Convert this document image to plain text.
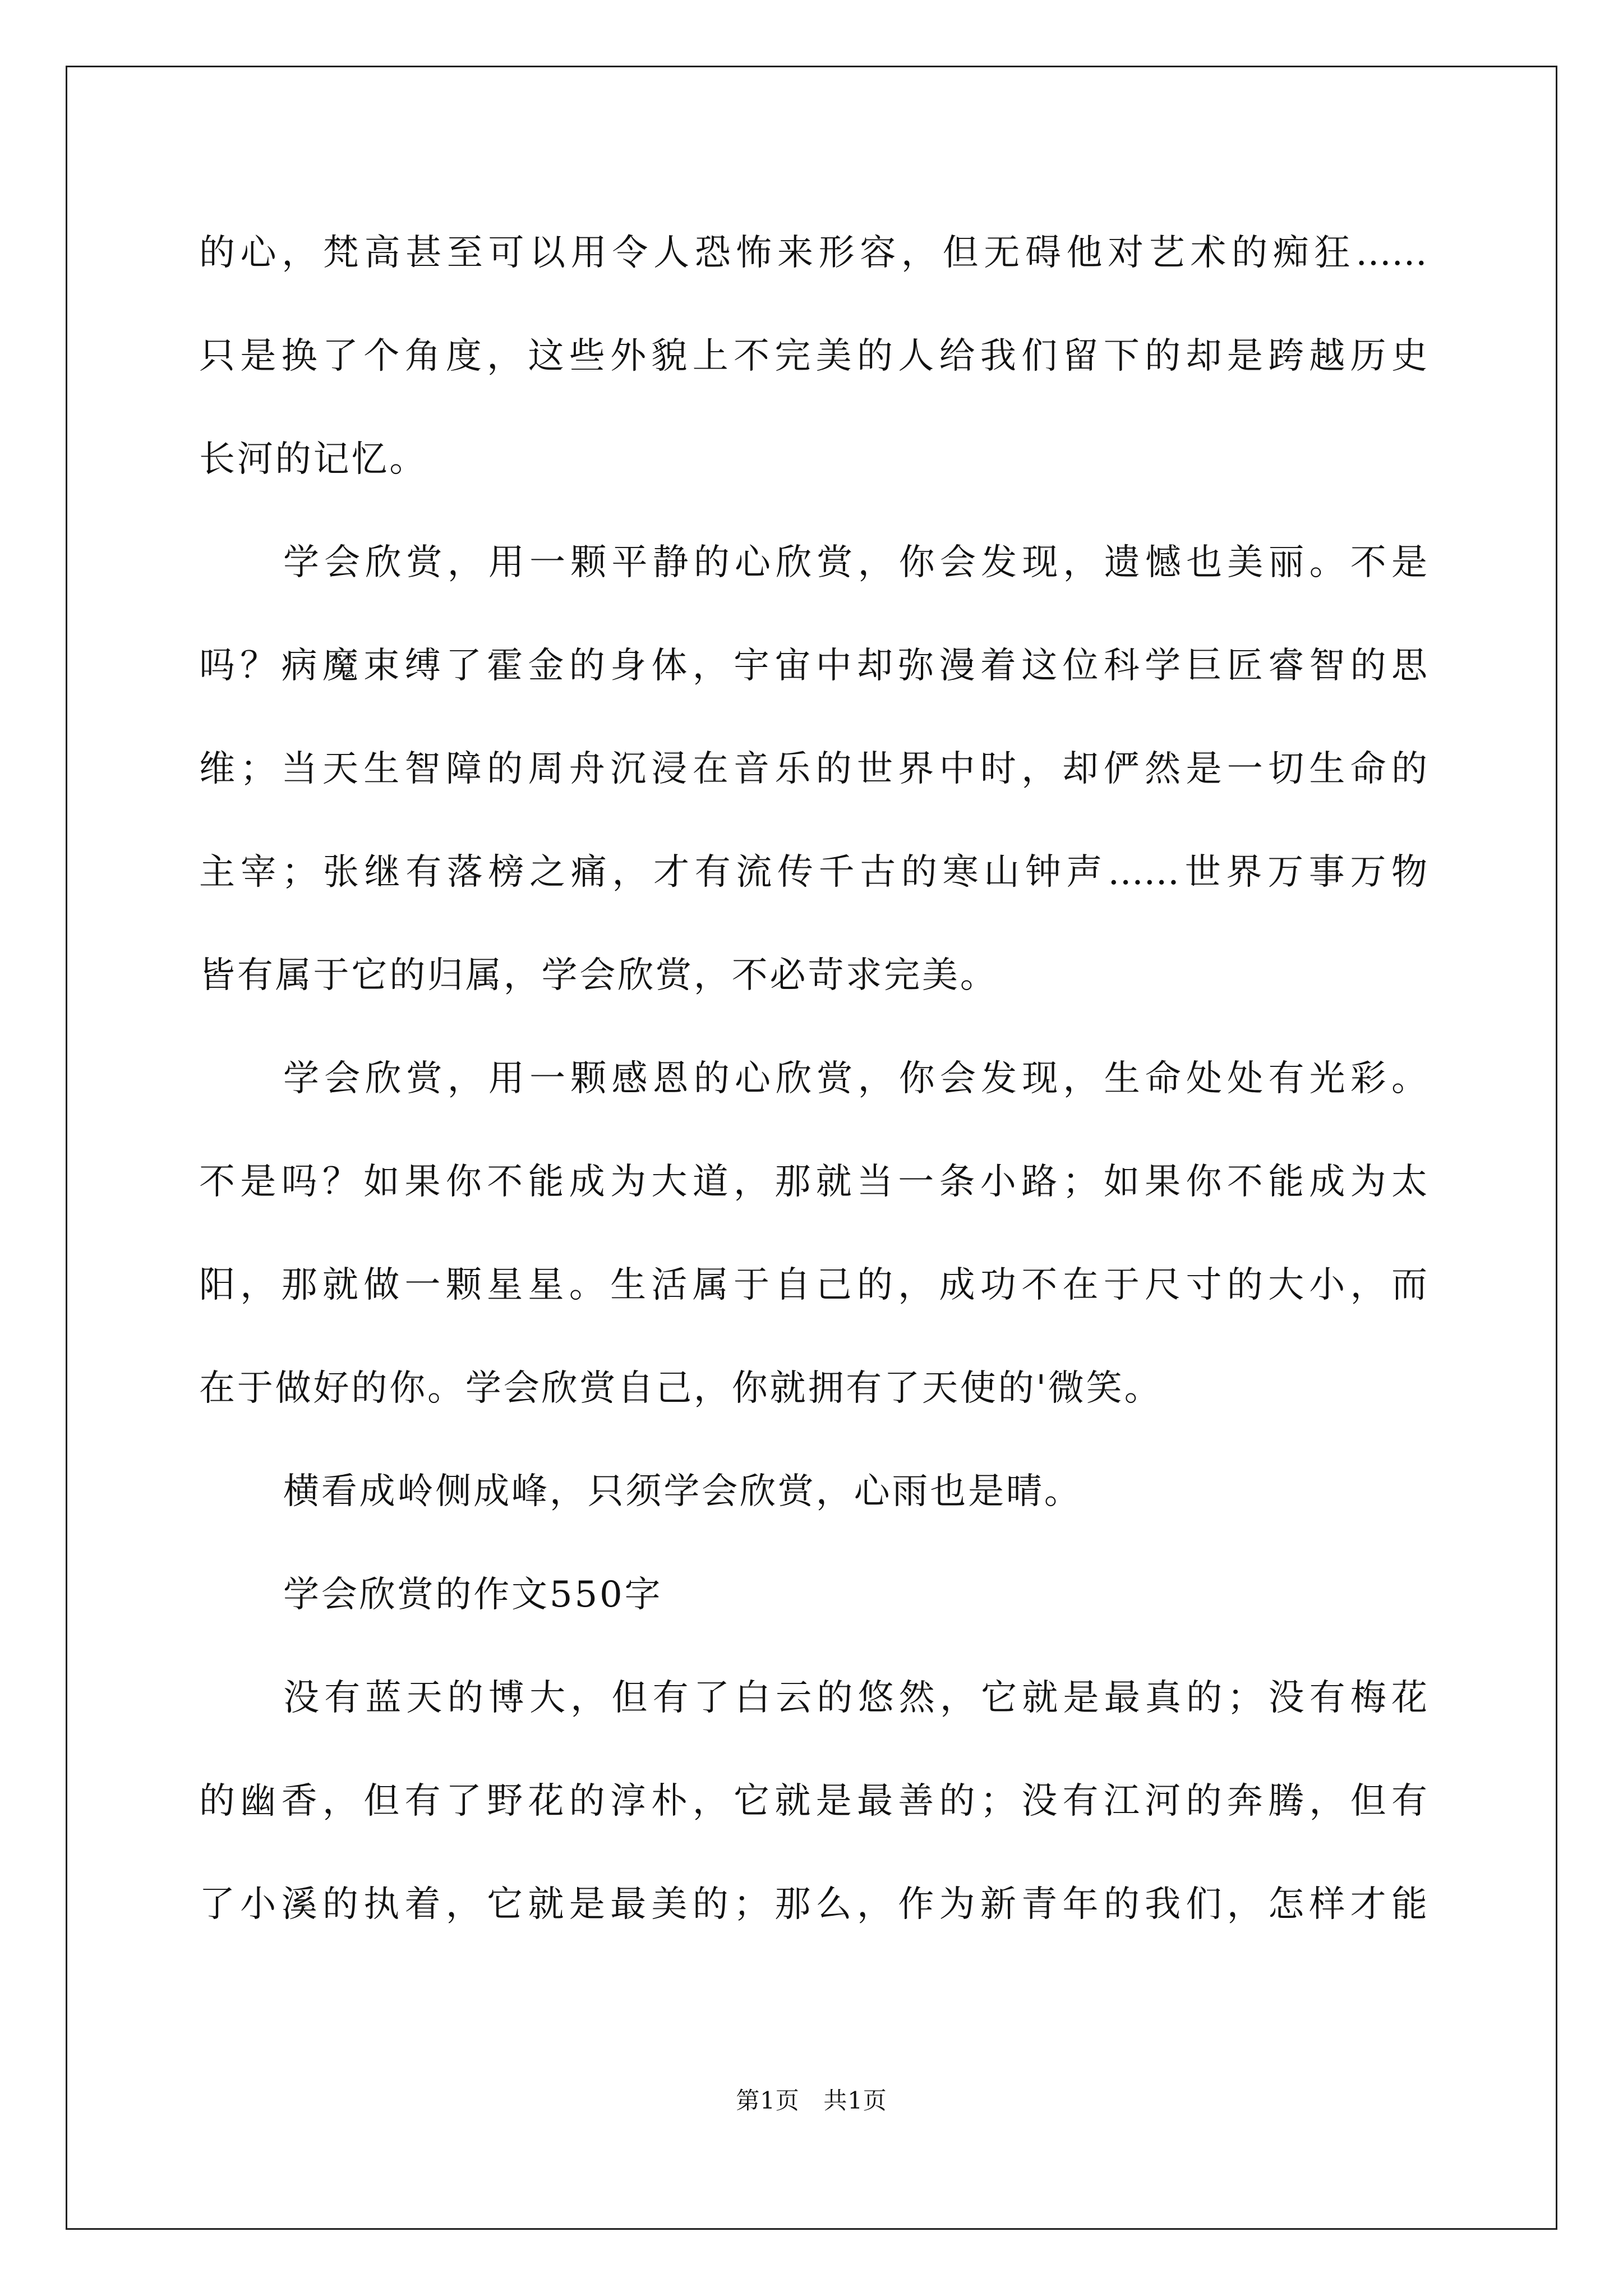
的心，梵高甚至可以用令人恐怖来形容，但无碍他对艺术的痴狂……
只是换了个角度，这些外貌上不完美的人给我们留下的却是跨越历史
长河的记忆。
学会欣赏，用一颗平静的心欣赏，你会发现，遗憾也美丽。不是
吗？病魔束缚了霍金的身体，宇宙中却弥漫着这位科学巨匠睿智的思
维；当天生智障的周舟沉浸在音乐的世界中时，却俨然是一切生命的
主宰；张继有落榜之痛，才有流传千古的寒山钟声……世界万事万物
皆有属于它的归属，学会欣赏，不必苛求完美。
学会欣赏，用一颗感恩的心欣赏，你会发现，生命处处有光彩。
不是吗？如果你不能成为大道，那就当一条小路；如果你不能成为太
阳，那就做一颗星星。生活属于自己的，成功不在于尺寸的大小，而
在于做好的你。学会欣赏自己，你就拥有了天使的'微笑。
横看成岭侧成峰，只须学会欣赏，心雨也是晴。
学会欣赏的作文550字
没有蓝天的博大，但有了白云的悠然，它就是最真的；没有梅花
的幽香，但有了野花的淳朴，它就是最善的；没有江河的奔腾，但有
了小溪的执着，它就是最美的；那么，作为新青年的我们，怎样才能
第1页　共1页
